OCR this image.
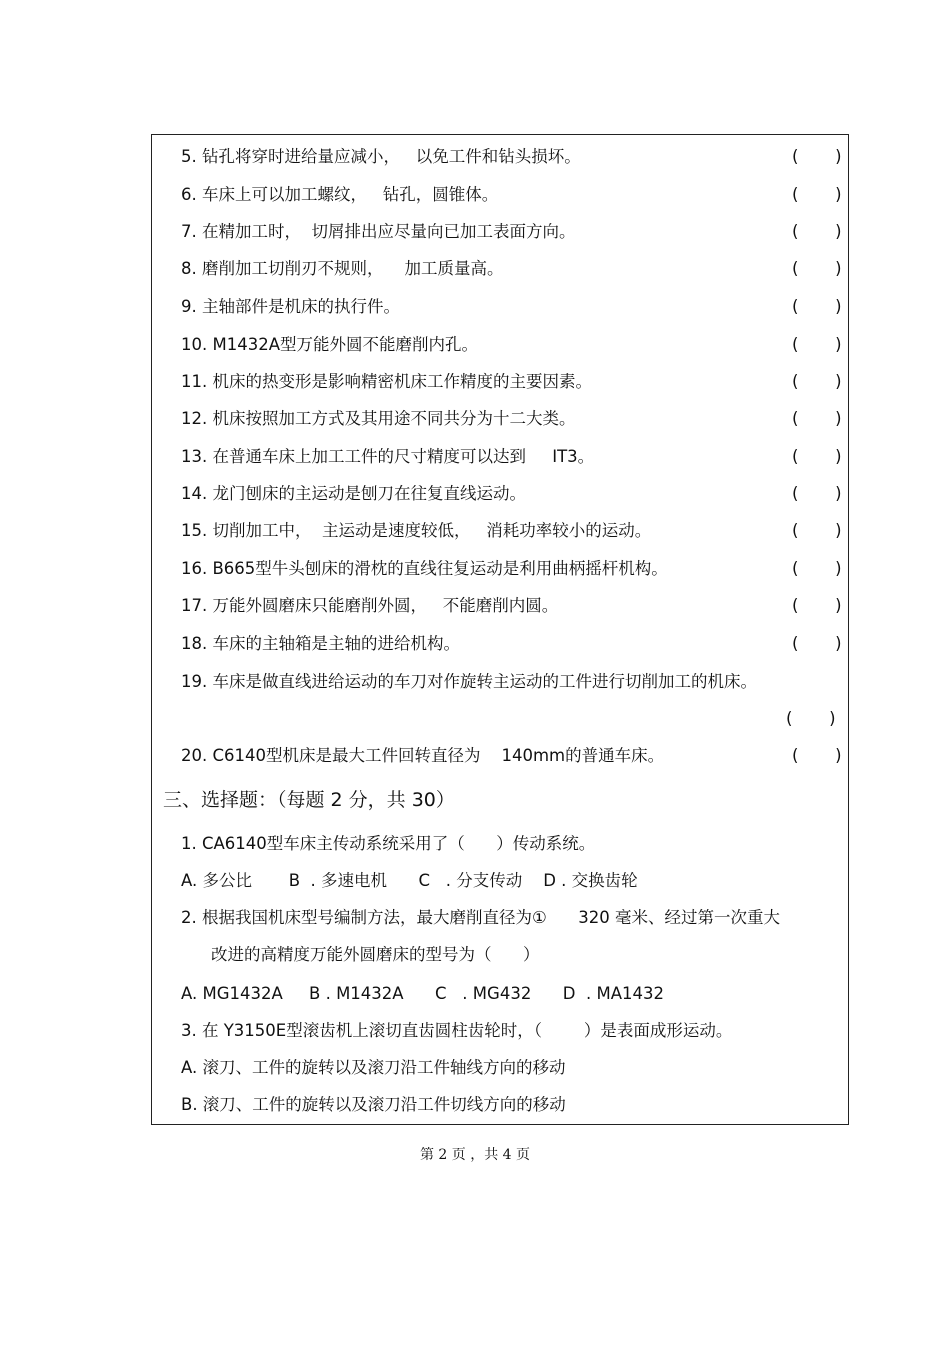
5. 钻孔将穿时进给量应减小，   以免工件和钻头损坏。	(       )
6. 车床上可以加工螺纹，   钻孔，圆锥体。	(       )
7. 在精加工时，  切屑排出应尽量向已加工表面方向。	(       )
8. 磨削加工切削刃不规则，    加工质量高。	(       )
9. 主轴部件是机床的执行件。	(       )
10. M1432A型万能外圆不能磨削内孔。	(       )
11. 机床的热变形是影响精密机床工作精度的主要因素。	(       )
12. 机床按照加工方式及其用途不同共分为十二大类。	(       )
13. 在普通车床上加工工件的尺寸精度可以达到     IT3。	(       )
14. 龙门刨床的主运动是刨刀在往复直线运动。	(       )
15. 切削加工中，  主运动是速度较低，   消耗功率较小的运动。	(       )
16. B665型牛头刨床的滑枕的直线往复运动是利用曲柄摇杆机构。	(       )
17. 万能外圆磨床只能磨削外圆，   不能磨削内圆。	(       )
18. 车床的主轴箱是主轴的进给机构。	(       )
19. 车床是做直线进给运动的车刀对作旋转主运动的工件进行切削加工的机床。
(       )
20. C6140型机床是最大工件回转直径为    140mm的普通车床。	(       )
三、选择题：（每题 2 分，共 30）
1. CA6140型车床主传动系统采用了（      ）传动系统。
A. 多公比       B  . 多速电机      C   . 分支传动    D . 交换齿轮
2. 根据我国机床型号编制方法，最大磨削直径为①      320 毫米、经过第一次重大
改进的高精度万能外圆磨床的型号为（      ）
A. MG1432A     B . M1432A      C   . MG432      D  . MA1432
3. 在 Y3150E型滚齿机上滚切直齿圆柱齿轮时，（        ）是表面成形运动。
A. 滚刀、工件的旋转以及滚刀沿工件轴线方向的移动
B. 滚刀、工件的旋转以及滚刀沿工件切线方向的移动
第 2 页 ，共 4 页
